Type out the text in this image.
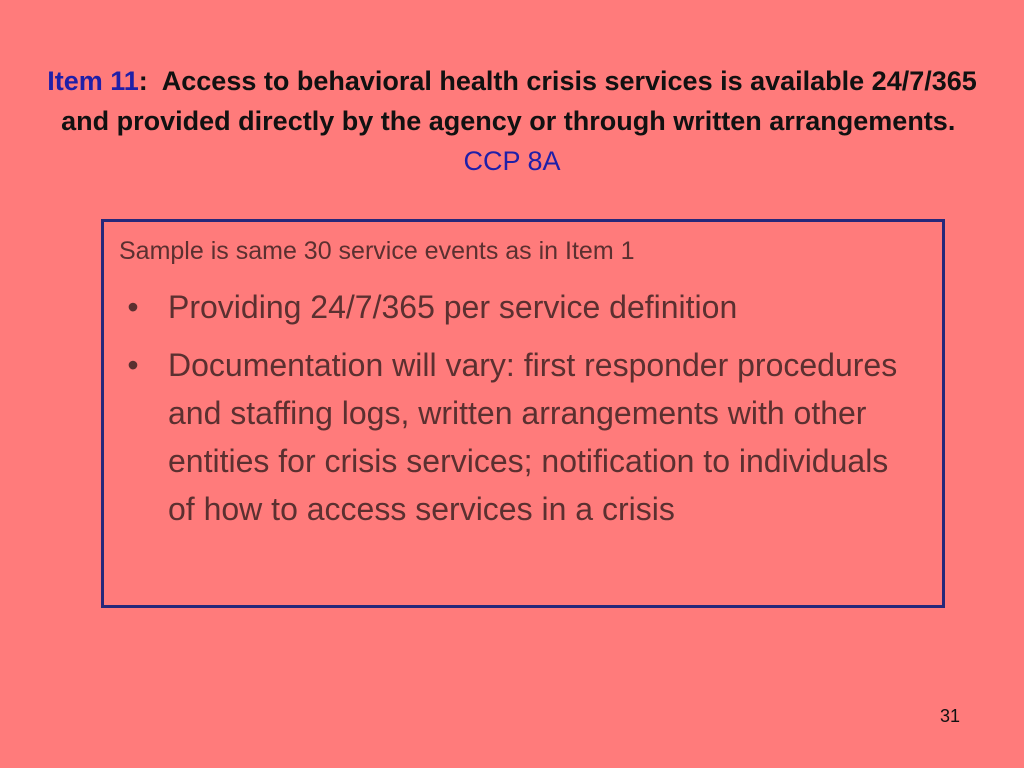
Item 11: Access to behavioral health crisis services is available 24/7/365 and provided directly by the agency or through written arrangements.  CCP 8A
Sample is same 30 service events as in Item 1
• Providing 24/7/365 per service definition
• Documentation will vary: first responder procedures and staffing logs, written arrangements with other entities for crisis services; notification to individuals of how to access services in a crisis
31
